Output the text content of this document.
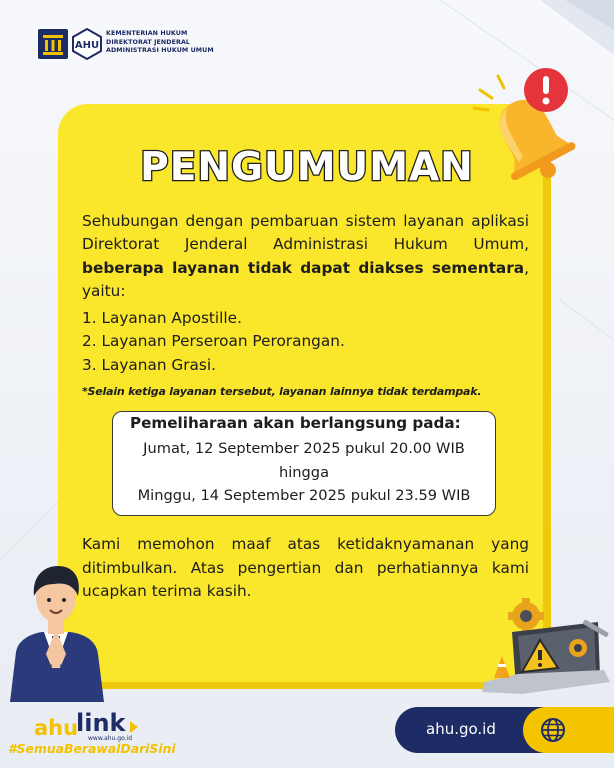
AHU
KEMENTERIAN HUKUM
DIREKTORAT JENDERAL
ADMINISTRASI HUKUM UMUM
PENGUMUMAN
Sehubungan dengan pembaruan sistem layanan aplikasi Direktorat Jenderal Administrasi Hukum Umum, beberapa layanan tidak dapat diakses sementara, yaitu:
1. Layanan Apostille.
2. Layanan Perseroan Perorangan.
3. Layanan Grasi.
*Selain ketiga layanan tersebut, layanan lainnya tidak terdampak.
Pemeliharaan akan berlangsung pada:
Jumat, 12 September 2025 pukul 20.00 WIB
hingga
Minggu, 14 September 2025 pukul 23.59 WIB
Kami memohon maaf atas ketidaknyamanan yang ditimbulkan. Atas pengertian dan perhatiannya kami ucapkan terima kasih.
ahu
link
www.ahu.go.id
#SemuaBerawalDariSini
ahu.go.id
